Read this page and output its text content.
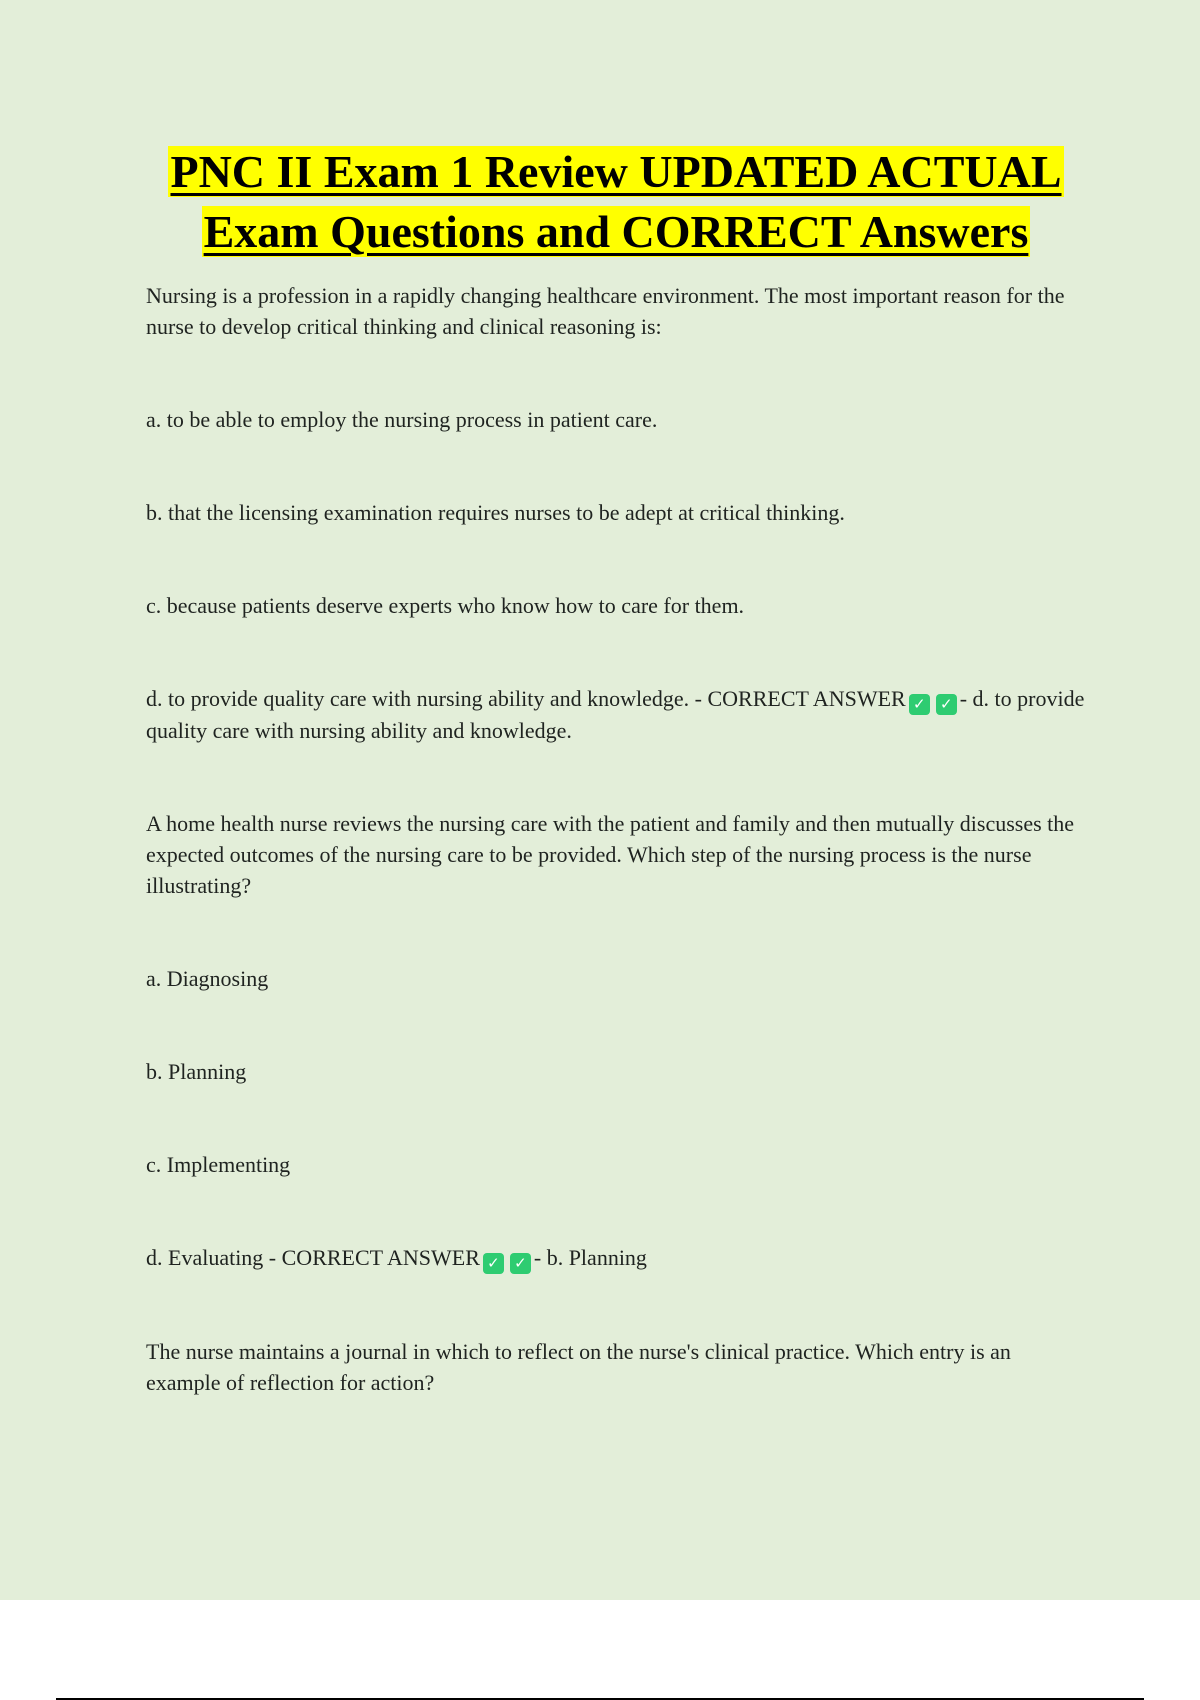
PNC II Exam 1 Review UPDATED ACTUAL
Exam Questions and CORRECT Answers

Nursing is a profession in a rapidly changing healthcare environment. The most important reason for the nurse to develop critical thinking and clinical reasoning is:

a. to be able to employ the nursing process in patient care.

b. that the licensing examination requires nurses to be adept at critical thinking.

c. because patients deserve experts who know how to care for them.

d. to provide quality care with nursing ability and knowledge. - CORRECT ANSWER ✓ ✓ - d. to provide quality care with nursing ability and knowledge.

A home health nurse reviews the nursing care with the patient and family and then mutually discusses the expected outcomes of the nursing care to be provided. Which step of the nursing process is the nurse illustrating?

a. Diagnosing

b. Planning

c. Implementing

d. Evaluating - CORRECT ANSWER ✓ ✓ - b. Planning

The nurse maintains a journal in which to reflect on the nurse's clinical practice. Which entry is an example of reflection for action?
